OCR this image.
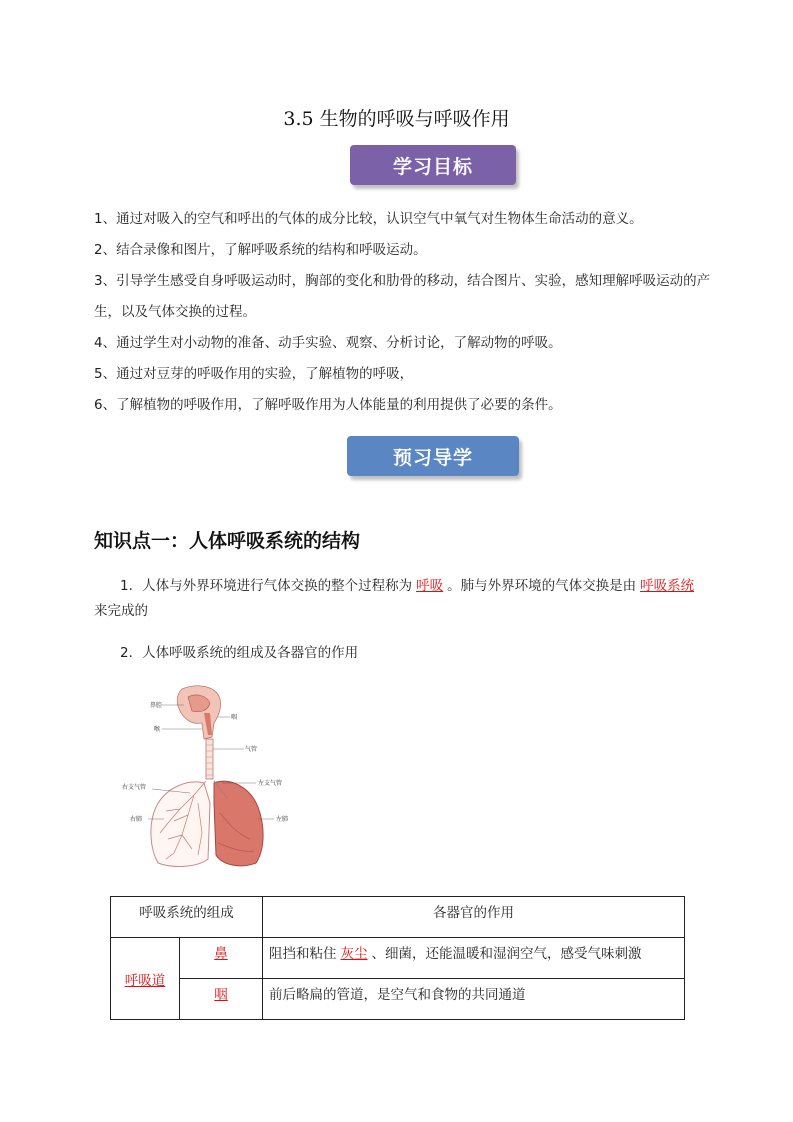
3.5 生物的呼吸与呼吸作用
学习目标
04

1、通过对吸入的空气和呼出的气体的成分比较，认识空气中氧气对生物体生命活动的意义。

2、结合录像和图片，了解呼吸系统的结构和呼吸运动。

3、引导学生感受自身呼吸运动时，胸部的变化和肋骨的移动，结合图片、实验，感知理解呼吸运动的产生，以及气体交换的过程。

4、通过学生对小动物的准备、动手实验、观察、分析讨论，了解动物的呼吸。

5、通过对豆芽的呼吸作用的实验，了解植物的呼吸，

6、了解植物的呼吸作用，了解呼吸作用为人体能量的利用提供了必要的条件。

预习导学
02
知识点一：人体呼吸系统的结构
1．人体与外界环境进行气体交换的整个过程称为 呼吸 。肺与外界环境的气体交换是由 呼吸系统来完成的
2．人体呼吸系统的组成及各器官的作用
鼻腔
咽
喉
气管
右支气管
左支气管
右肺	左肺
呼吸系统的组成		各器官的作用
呼吸道	鼻	阻挡和粘住 灰尘 、细菌，还能温暖和湿润空气，感受气味刺激
	咽	前后略扁的管道，是空气和食物的共同通道
